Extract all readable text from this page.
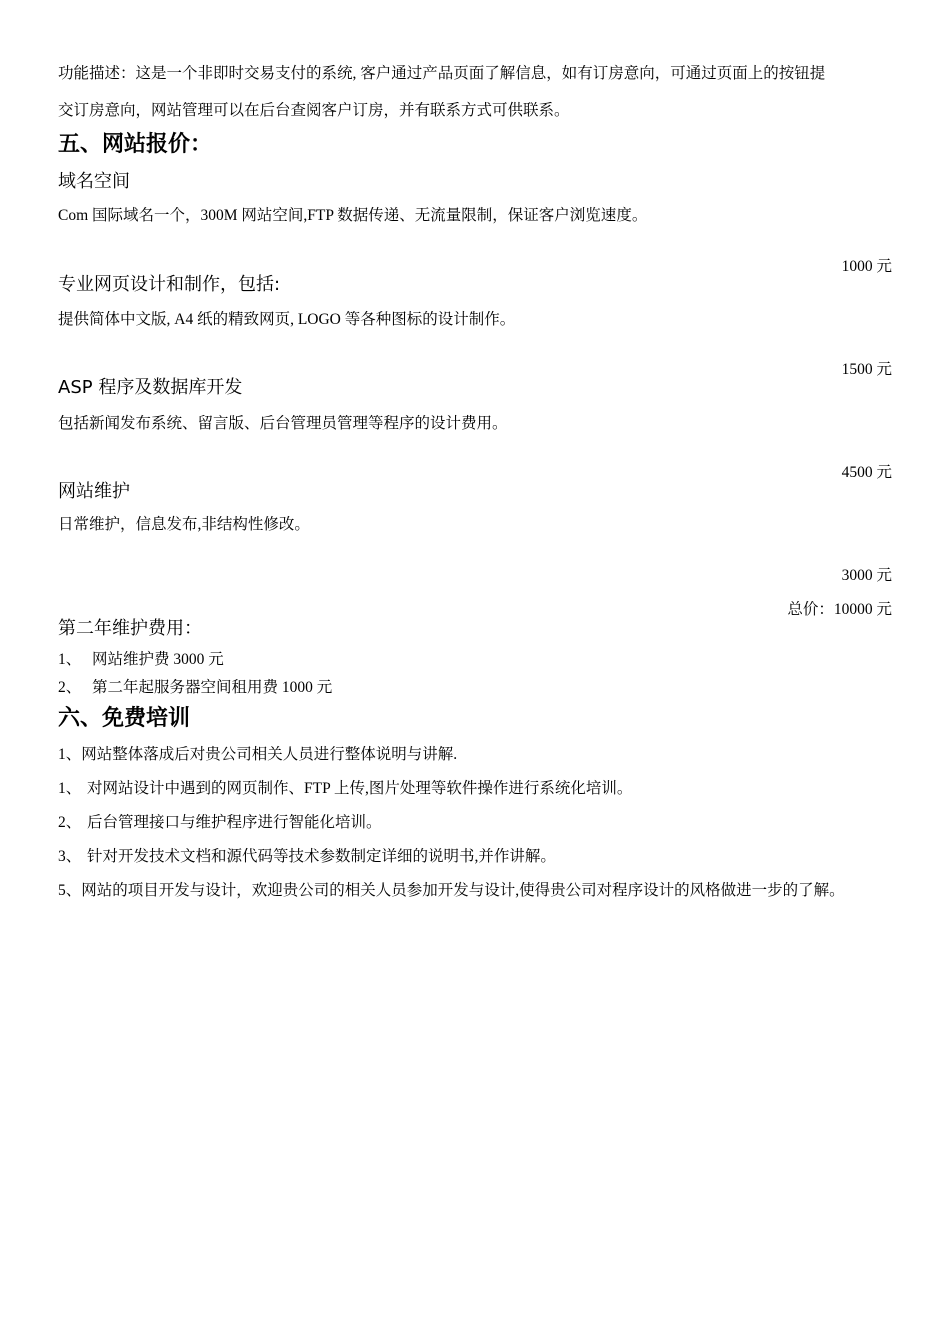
功能描述：这是一个非即时交易支付的系统, 客户通过产品页面了解信息，如有订房意向，可通过页面上的按钮提

交订房意向，网站管理可以在后台查阅客户订房，并有联系方式可供联系。

五、网站报价：

域名空间

Com 国际域名一个，300M 网站空间,FTP 数据传递、无流量限制，保证客户浏览速度。

1000 元

专业网页设计和制作，包括:

提供简体中文版, A4 纸的精致网页, LOGO 等各种图标的设计制作。

1500 元

ASP 程序及数据库开发

包括新闻发布系统、留言版、后台管理员管理等程序的设计费用。

4500 元

网站维护

日常维护，信息发布,非结构性修改。

3000 元

总价：10000 元

第二年维护费用：

1、 网站维护费 3000 元

2、 第二年起服务器空间租用费 1000 元

六、免费培训

1、网站整体落成后对贵公司相关人员进行整体说明与讲解.

1、 对网站设计中遇到的网页制作、FTP 上传,图片处理等软件操作进行系统化培训。

2、 后台管理接口与维护程序进行智能化培训。

3、 针对开发技术文档和源代码等技术参数制定详细的说明书,并作讲解。

5、网站的项目开发与设计，欢迎贵公司的相关人员参加开发与设计,使得贵公司对程序设计的风格做进一步的了解。
